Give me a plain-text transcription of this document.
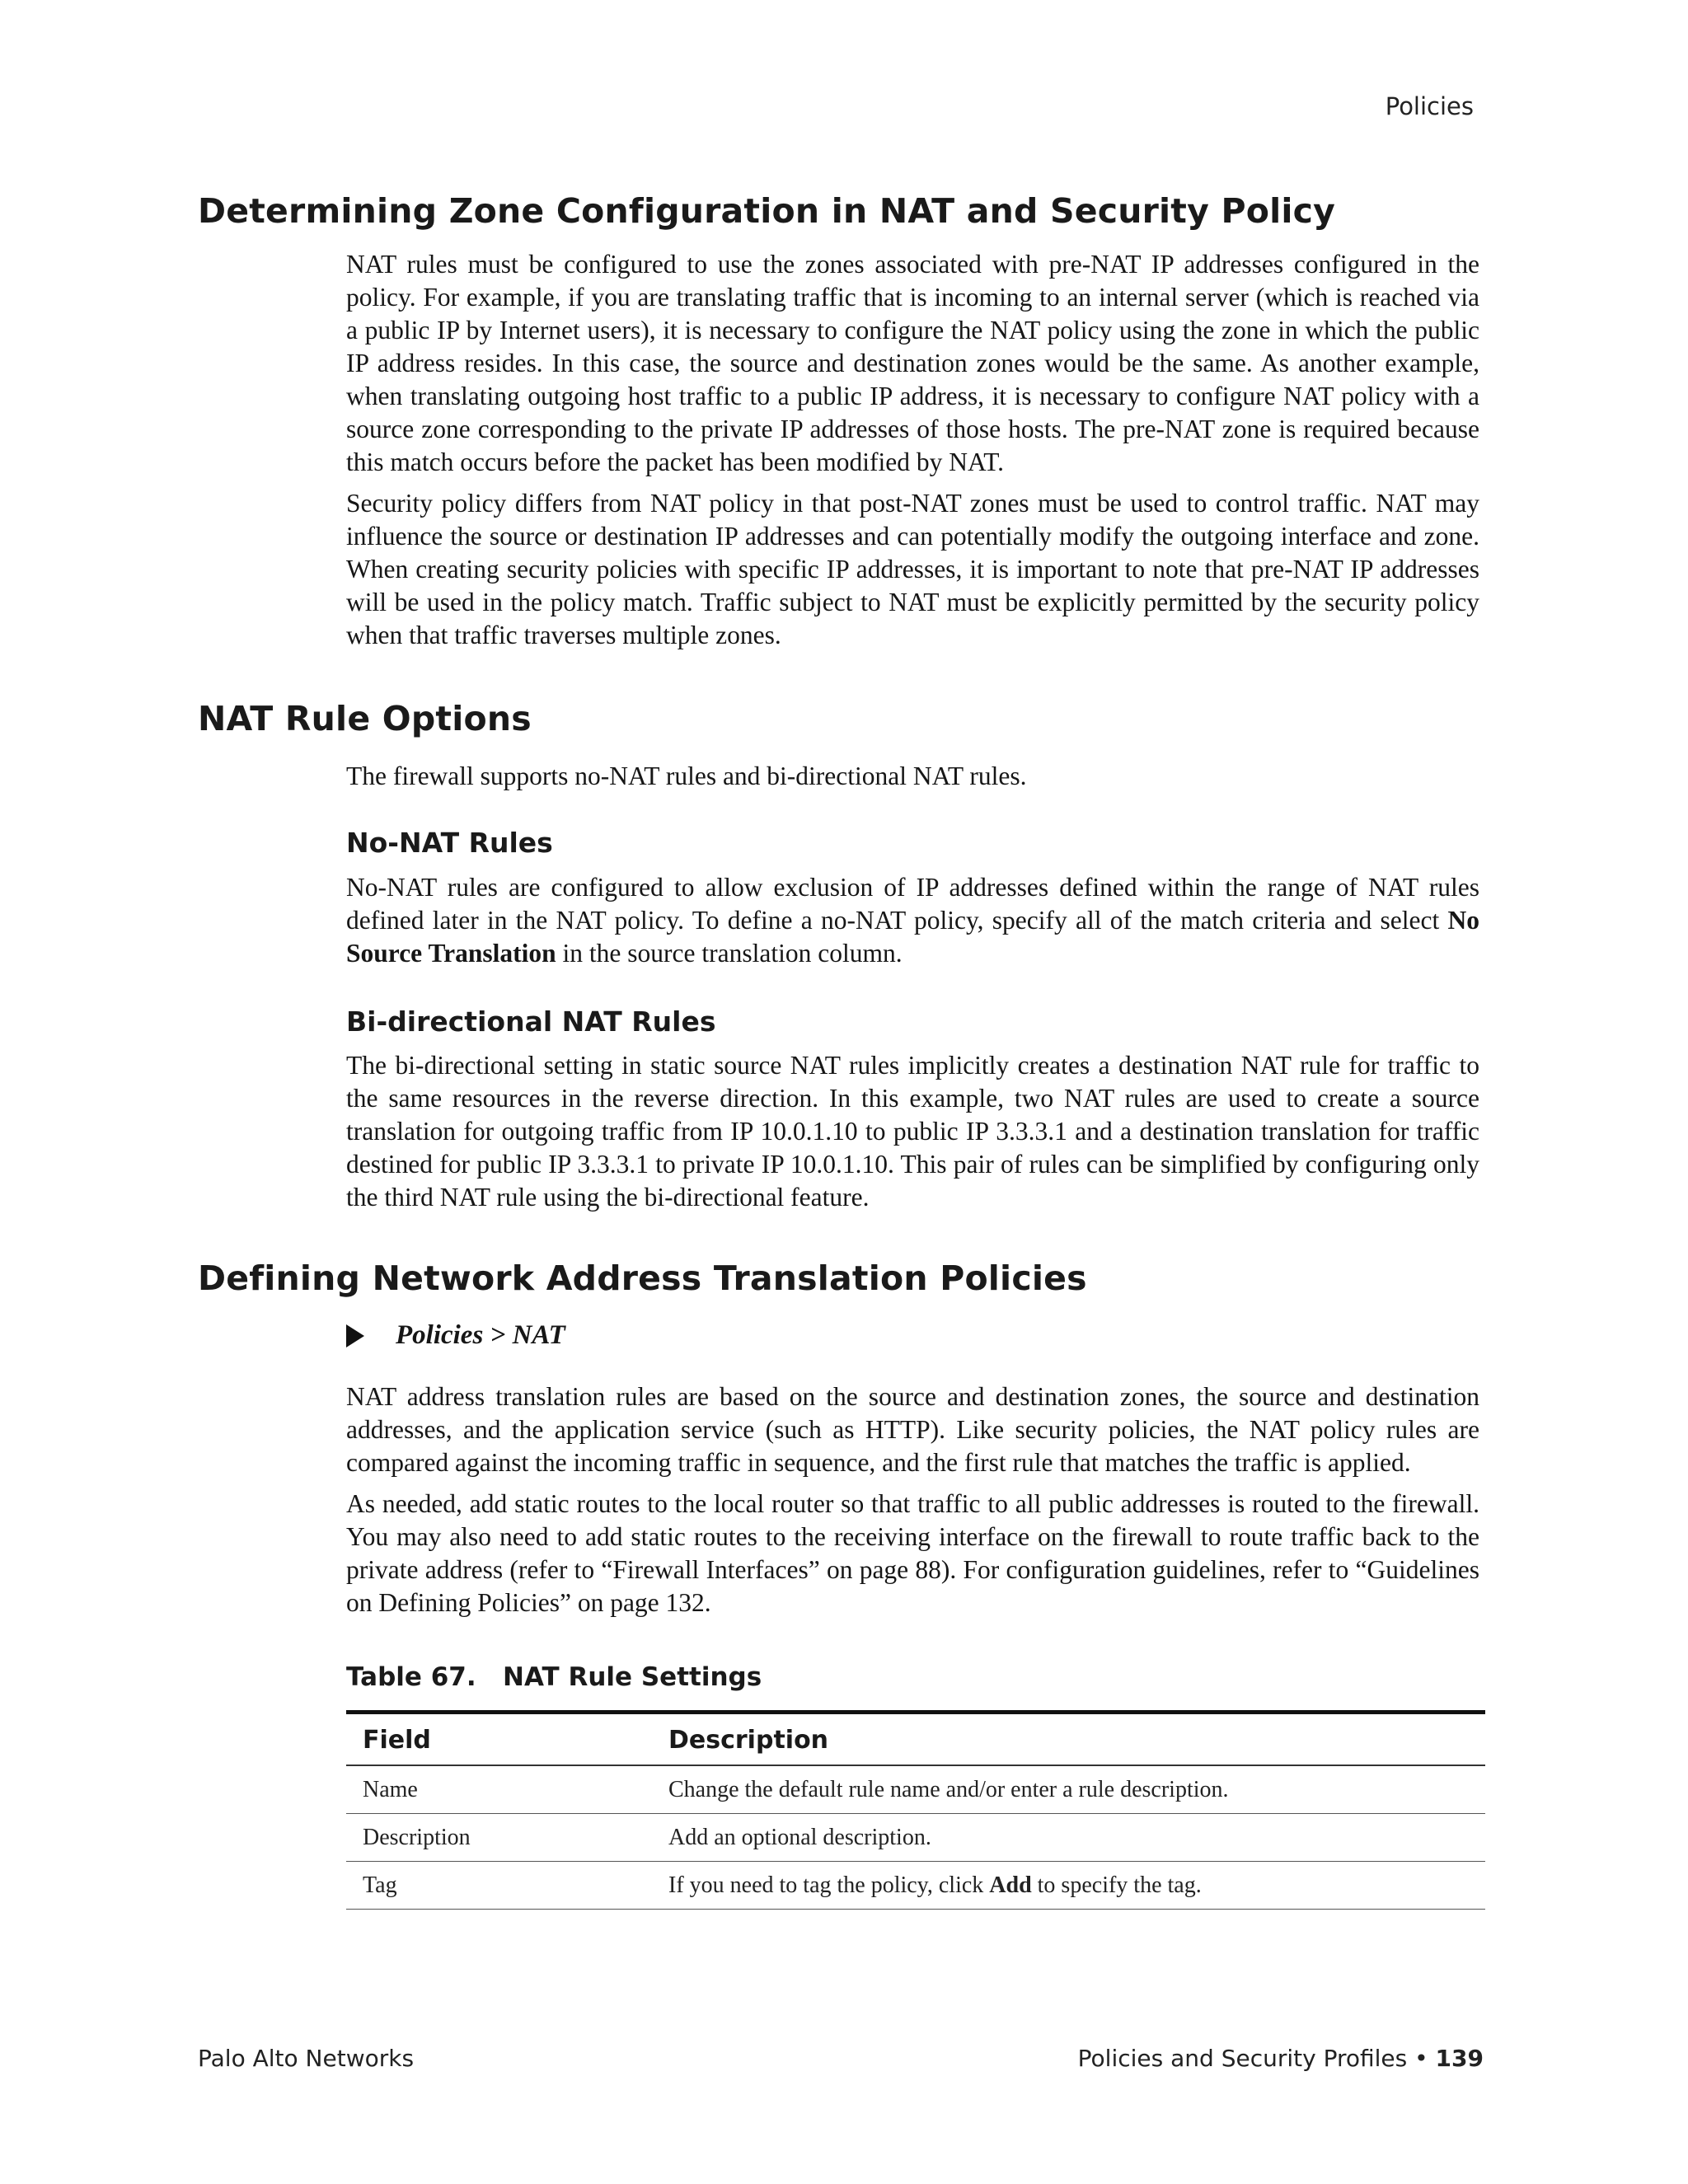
Policies
Determining Zone Configuration in NAT and Security Policy

NAT rules must be configured to use the zones associated with pre-NAT IP addresses configured in the policy. For example, if you are translating traffic that is incoming to an internal server (which is reached via a public IP by Internet users), it is necessary to configure the NAT policy using the zone in which the public IP address resides. In this case, the source and destination zones would be the same. As another example, when translating outgoing host traffic to a public IP address, it is necessary to configure NAT policy with a source zone corresponding to the private IP addresses of those hosts. The pre-NAT zone is required because this match occurs before the packet has been modified by NAT.

Security policy differs from NAT policy in that post-NAT zones must be used to control traffic. NAT may influence the source or destination IP addresses and can potentially modify the outgoing interface and zone. When creating security policies with specific IP addresses, it is important to note that pre-NAT IP addresses will be used in the policy match. Traffic subject to NAT must be explicitly permitted by the security policy when that traffic traverses multiple zones.

NAT Rule Options

The firewall supports no-NAT rules and bi-directional NAT rules.

No-NAT Rules

No-NAT rules are configured to allow exclusion of IP addresses defined within the range of NAT rules defined later in the NAT policy. To define a no-NAT policy, specify all of the match criteria and select No Source Translation in the source translation column.

Bi-directional NAT Rules

The bi-directional setting in static source NAT rules implicitly creates a destination NAT rule for traffic to the same resources in the reverse direction. In this example, two NAT rules are used to create a source translation for outgoing traffic from IP 10.0.1.10 to public IP 3.3.3.1 and a destination translation for traffic destined for public IP 3.3.3.1 to private IP 10.0.1.10. This pair of rules can be simplified by configuring only the third NAT rule using the bi-directional feature.

Defining Network Address Translation Policies
Policies > NAT

NAT address translation rules are based on the source and destination zones, the source and destination addresses, and the application service (such as HTTP). Like security policies, the NAT policy rules are compared against the incoming traffic in sequence, and the first rule that matches the traffic is applied.

As needed, add static routes to the local router so that traffic to all public addresses is routed to the firewall. You may also need to add static routes to the receiving interface on the firewall to route traffic back to the private address (refer to “Firewall Interfaces” on page 88). For configuration guidelines, refer to “Guidelines on Defining Policies” on page 132.

Table 67.   NAT Rule Settings
Field	Description
Name	Change the default rule name and/or enter a rule description.
Description	Add an optional description.
Tag	If you need to tag the policy, click Add to specify the tag.
Palo Alto Networks	Policies and Security Profiles • 139
